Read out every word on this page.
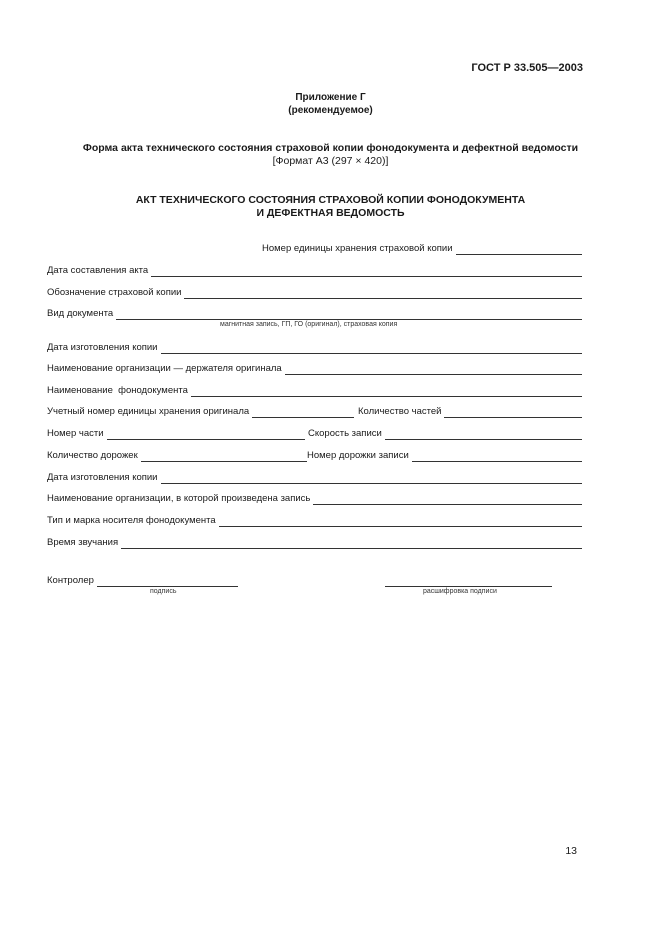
ГОСТ Р 33.505—2003
Приложение Г
(рекомендуемое)
Форма акта технического состояния страховой копии фонодокумента и дефектной ведомости
[Формат А3 (297 × 420)]
АКТ ТЕХНИЧЕСКОГО СОСТОЯНИЯ СТРАХОВОЙ КОПИИ ФОНОДОКУМЕНТА
И ДЕФЕКТНАЯ ВЕДОМОСТЬ
Номер единицы хранения страховой копии
Дата составления акта
Обозначение страховой копии
Вид документа
магнитная запись, ГП, ГО (оригинал), страховая копия
Дата изготовления копии
Наименование организации — держателя оригинала
Наименование  фонодокумента
Учетный номер единицы хранения оригинала	Количество частей
Номер части	Скорость записи
Количество дорожек	Номер дорожки записи
Дата изготовления копии
Наименование организации, в которой произведена запись
Тип и марка носителя фонодокумента
Время звучания
Контролер
подпись	расшифровка подписи
13
